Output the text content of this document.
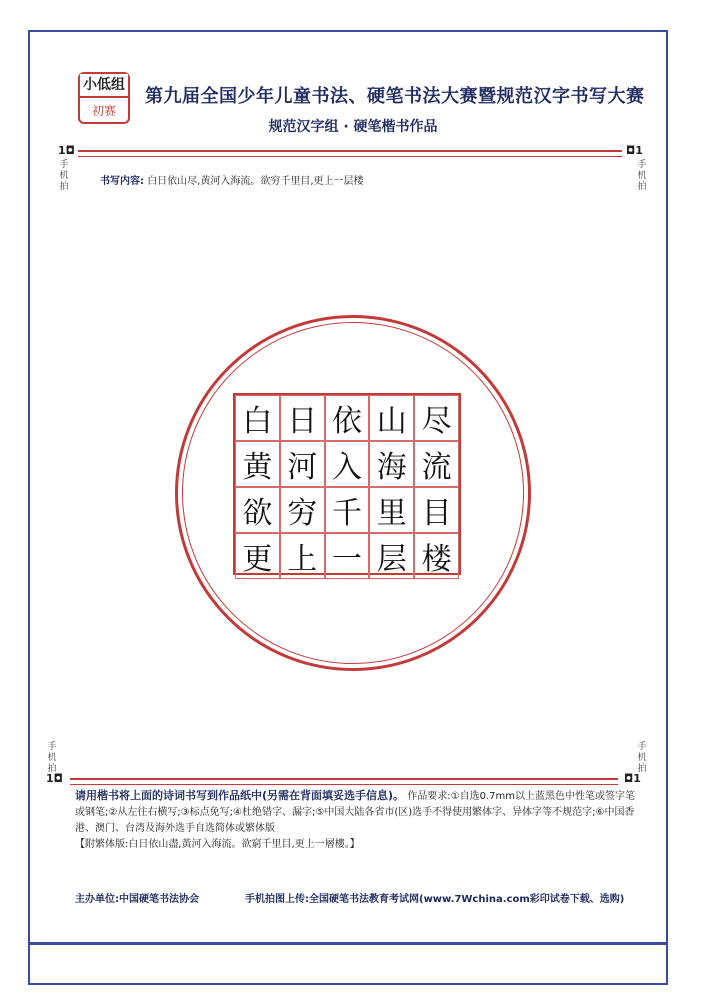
小低组
初赛
第九届全国少年儿童书法、硬笔书法大赛暨规范汉字书写大赛
规范汉字组 · 硬笔楷书作品
1◘	◘1
手机拍
手机拍
书写内容: 白日依山尽,黄河入海流。欲穷千里目,更上一层楼
白 日 依 山 尽
黄 河 入 海 流
欲 穷 千 里 目
更 上 一 层 楼
手机拍
手机拍
1◘	◘1
请用楷书将上面的诗词书写到作品纸中(另需在背面填妥选手信息)。 作品要求:①自选0.7mm以上蓝黑色中性笔或签字笔或钢笔;②从左往右横写;③标点免写;④杜绝错字、漏字;⑤中国大陆各省市(区)选手不得使用繁体字、异体字等不规范字;⑥中国香港、澳门、台湾及海外选手自选简体或繁体版
【附繁体版:白日依山盡,黃河入海流。欲窮千里目,更上一層樓。】
主办单位:中国硬笔书法协会	手机拍图上传:全国硬笔书法教育考试网(www.7Wchina.com彩印试卷下载、选购)
